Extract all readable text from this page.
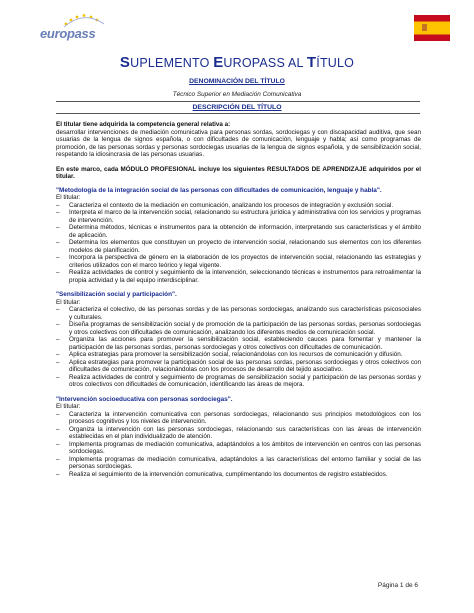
europass
SUPLEMENTO EUROPASS AL TÍTULO
DENOMINACIÓN DEL TÍTULO
Técnico Superior en Mediación Comunicativa
DESCRIPCIÓN DEL TÍTULO
El titular tiene adquirida la competencia general relativa a:
desarrollar intervenciones de mediación comunicativa para personas sordas, sordociegas y con discapacidad auditiva, que sean usuarias de la lengua de signos española, o con dificultades de comunicación, lenguaje y habla; así como programas de promoción, de las personas sordas y personas sordociegas usuarias de la lengua de signos española, y de sensibilización social, respetando la idiosincrasia de las personas usuarias.
En este marco, cada MÓDULO PROFESIONAL incluye los siguientes RESULTADOS DE APRENDIZAJE adquiridos por el titular.
"Metodología de la integración social de las personas con dificultades de comunicación, lenguaje y habla".
El titular:
– Caracteriza el contexto de la mediación en comunicación, analizando los procesos de integración y exclusión social.
– Interpreta el marco de la intervención social, relacionando su estructura jurídica y administrativa con los servicios y programas de intervención.
– Determina métodos, técnicas e instrumentos para la obtención de información, interpretando sus características y el ámbito de aplicación.
– Determina los elementos que constituyen un proyecto de intervención social, relacionando sus elementos con los diferentes modelos de planificación.
– Incorpora la perspectiva de género en la elaboración de los proyectos de intervención social, relacionando las estrategias y criterios utilizados con el marco teórico y legal vigente.
– Realiza actividades de control y seguimiento de la intervención, seleccionando técnicas e instrumentos para retroalimentar la propia actividad y la del equipo interdisciplinar.
"Sensibilización social y participación".
El titular:
– Caracteriza el colectivo, de las personas sordas y de las personas sordociegas, analizando sus características psicosociales y culturales.
– Diseña programas de sensibilización social y de promoción de la participación de las personas sordas, personas sordociegas y otros colectivos con dificultades de comunicación, analizando los diferentes medios de comunicación social.
– Organiza las acciones para promover la sensibilización social, estableciendo cauces para fomentar y mantener la participación de las personas sordas, personas sordociegas y otros colectivos con dificultades de comunicación.
– Aplica estrategias para promover la sensibilización social, relacionándolas con los recursos de comunicación y difusión.
– Aplica estrategias para promover la participación social de las personas sordas, personas sordociegas y otros colectivos con dificultades de comunicación, relacionándolas con los procesos de desarrollo del tejido asociativo.
– Realiza actividades de control y seguimiento de programas de sensibilización social y participación de las personas sordas y otros colectivos con dificultades de comunicación, identificando las áreas de mejora.
"Intervención socioeducativa con personas sordociegas".
El titular:
– Caracteriza la intervención comunicativa con personas sordociegas, relacionando sus principios metodológicos con los procesos cognitivos y los niveles de intervención.
– Organiza la intervención con las personas sordociegas, relacionando sus características con las áreas de intervención establecidas en el plan individualizado de atención.
– Implementa programas de mediación comunicativa, adaptándolos a los ámbitos de intervención en centros con las personas sordociegas.
– Implementa programas de mediación comunicativa, adaptándolos a las características del entorno familiar y social de las personas sordociegas.
– Realiza el seguimiento de la intervención comunicativa, cumplimentando los documentos de registro establecidos.
Página 1 de 6
